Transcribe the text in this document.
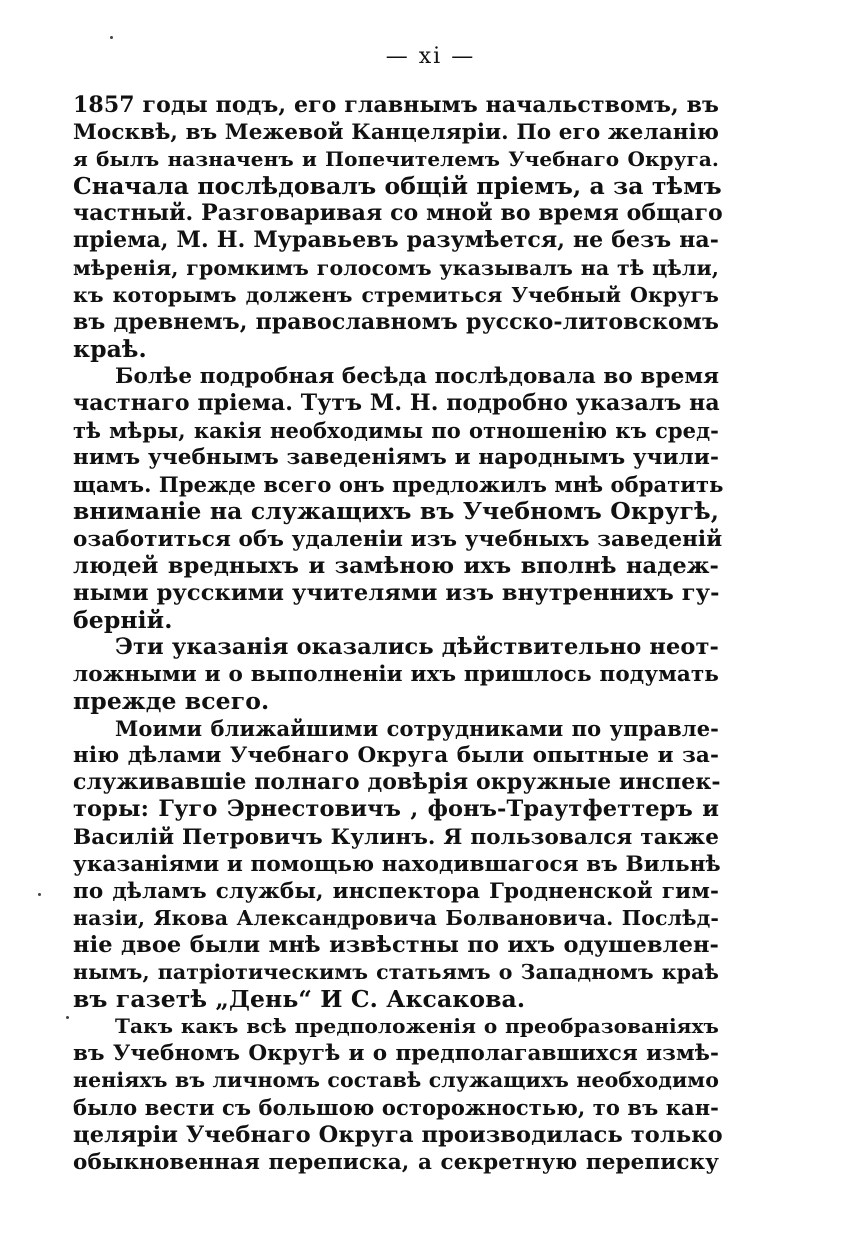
— xi —
1857 годы подъ, его главнымъ начальствомъ, въ
Москвѣ, въ Межевой Канцеляріи. По его желанію
я былъ назначенъ и Попечителемъ Учебнаго Округа.
Сначала послѣдовалъ общій пріемъ, а за тѣмъ
частный. Разговаривая со мной во время общаго
пріема, М. Н. Муравьевъ разумѣется, не безъ на-
мѣренія, громкимъ голосомъ указывалъ на тѣ цѣли,
къ которымъ долженъ стремиться Учебный Округъ
въ древнемъ, православномъ русско-литовскомъ
краѣ.
Болѣе подробная бесѣда послѣдовала во время
частнаго пріема. Тутъ М. Н. подробно указалъ на
тѣ мѣры, какія необходимы по отношенію къ сред-
нимъ учебнымъ заведеніямъ и народнымъ учили-
щамъ. Прежде всего онъ предложилъ мнѣ обратить
вниманіе на служащихъ въ Учебномъ Округѣ,
озаботиться объ удаленіи изъ учебныхъ заведеній
людей вредныхъ и замѣною ихъ вполнѣ надеж-
ными русскими учителями изъ внутреннихъ гу-
берній.
Эти указанія оказались дѣйствительно неот-
ложными и о выполненіи ихъ пришлось подумать
прежде всего.
Моими ближайшими сотрудниками по управле-
нію дѣлами Учебнаго Округа были опытные и за-
служивавшіе полнаго довѣрія окружные инспек-
торы: Гуго Эрнестовичъ , фонъ-Траутфеттеръ и
Василій Петровичъ Кулинъ. Я пользовался также
указаніями и помощью находившагося въ Вильнѣ
по дѣламъ службы, инспектора Гродненской гим-
назіи, Якова Александровича Болвановича. Послѣд-
ніе двое были мнѣ извѣстны по ихъ одушевлен-
нымъ, патріотическимъ статьямъ о Западномъ краѣ
въ газетѣ „День“ И С. Аксакова.
Такъ какъ всѣ предположенія о преобразованіяхъ
въ Учебномъ Округѣ и о предполагавшихся измѣ-
неніяхъ въ личномъ составѣ служащихъ необходимо
было вести съ большою осторожностью, то въ кан-
целяріи Учебнаго Округа производилась только
обыкновенная переписка, а секретную переписку
